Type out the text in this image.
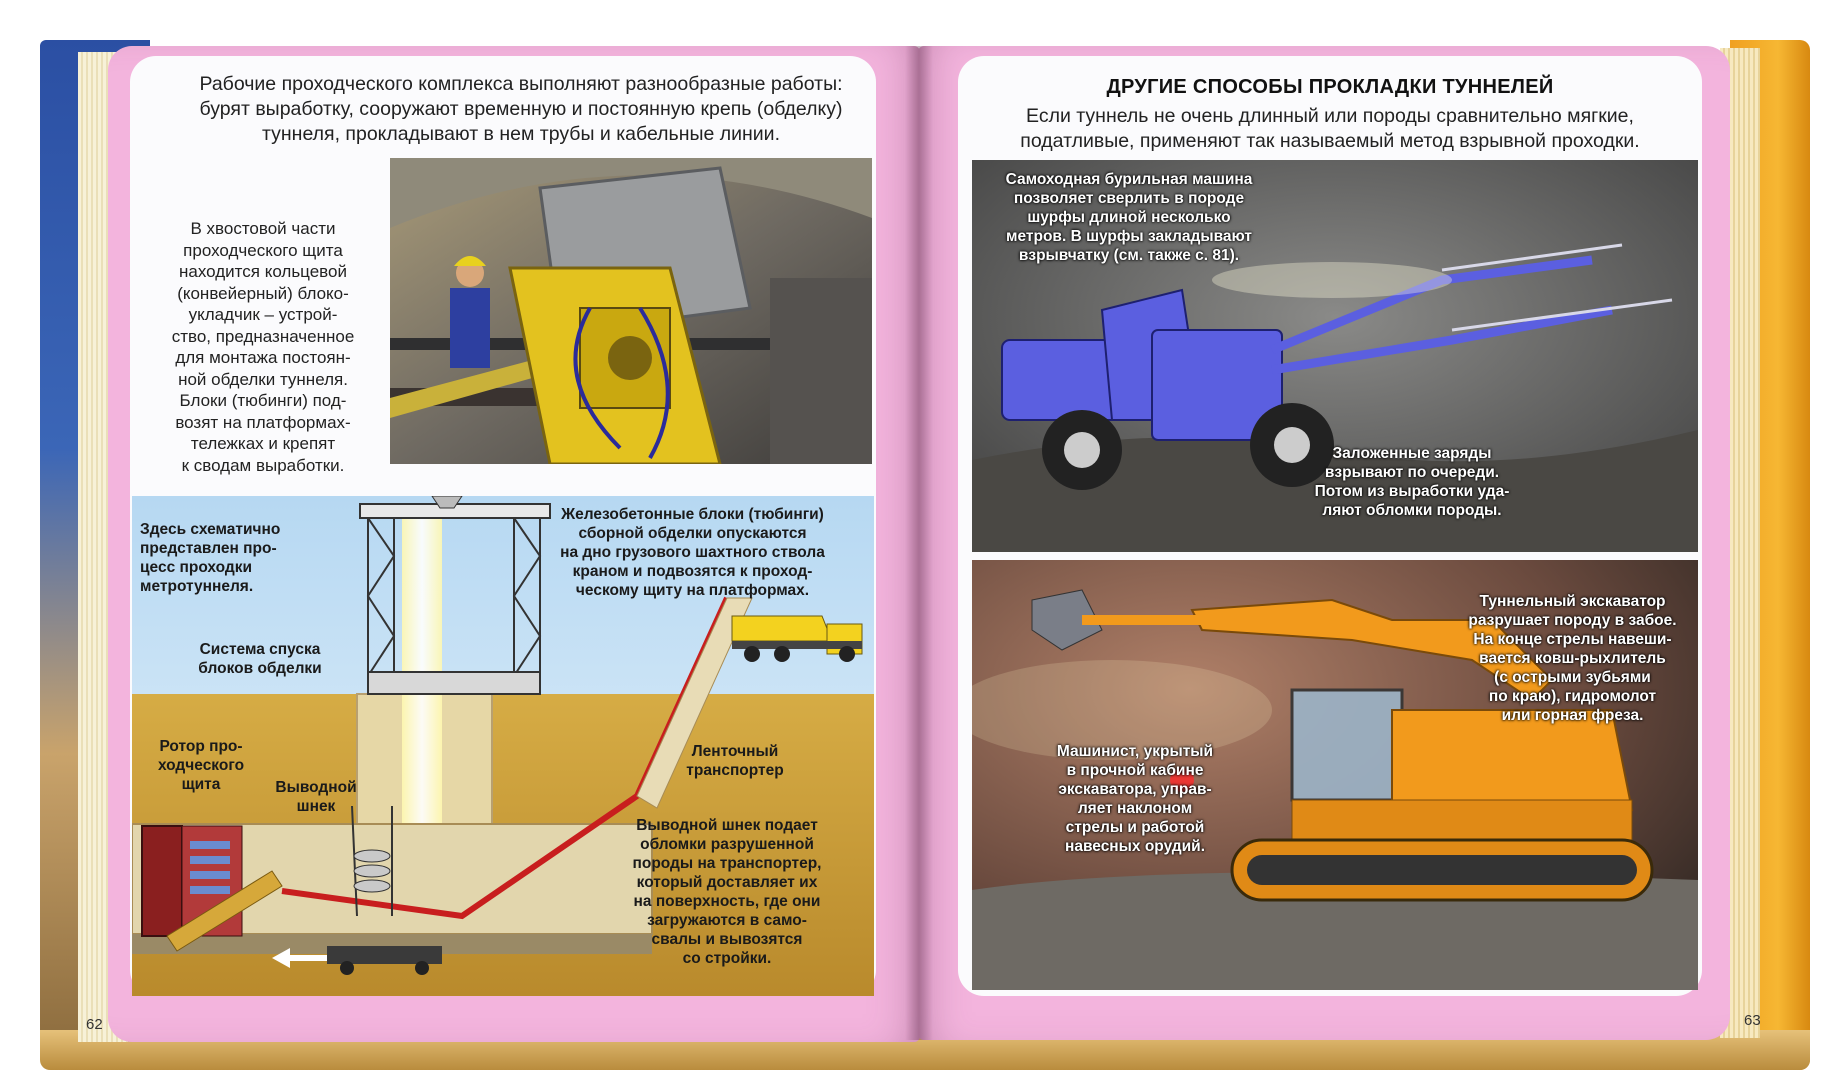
Рабочие проходческого комплекса выполняют разнообразные работы: бурят выработку, сооружают временную и постоянную крепь (обделку) туннеля, прокладывают в нем трубы и кабельные линии.
В хвостовой части
проходческого щита
находится кольцевой
(конвейерный) блоко-
укладчик – устрой-
ство, предназначенное
для монтажа постоян-
ной обделки туннеля.
Блоки (тюбинги) под-
возят на платформах-
тележках и крепят
к сводам выработки.
Здесь схематично
представлен про-
цесс проходки
метротуннеля.
Железобетонные блоки (тюбинги)
сборной обделки опускаются
на дно грузового шахтного ствола
краном и подвозятся к проход-
ческому щиту на платформах.
Система спуска
блоков обделки
Ротор про-
ходческого
щита	Выводной
шнек
Ленточный
транспортер
Выводной шнек подает
обломки разрушенной
породы на транспортер,
который доставляет их
на поверхность, где они
загружаются в само-
свалы и вывозятся
со стройки.
62
ДРУГИЕ СПОСОБЫ ПРОКЛАДКИ ТУННЕЛЕЙ
Если туннель не очень длинный или породы сравнительно мягкие, податливые, применяют так называемый метод взрывной проходки.
Самоходная бурильная машина
позволяет сверлить в породе
шурфы длиной несколько
метров. В шурфы закладывают
взрывчатку (см. также с. 81).
Заложенные заряды
взрывают по очереди.
Потом из выработки уда-
ляют обломки породы.
Туннельный экскаватор
разрушает породу в забое.
На конце стрелы навеши-
вается ковш-рыхлитель
(с острыми зубьями
по краю), гидромолот
или горная фреза.
Машинист, укрытый
в прочной кабине
экскаватора, управ-
ляет наклоном
стрелы и работой
навесных орудий.
63
